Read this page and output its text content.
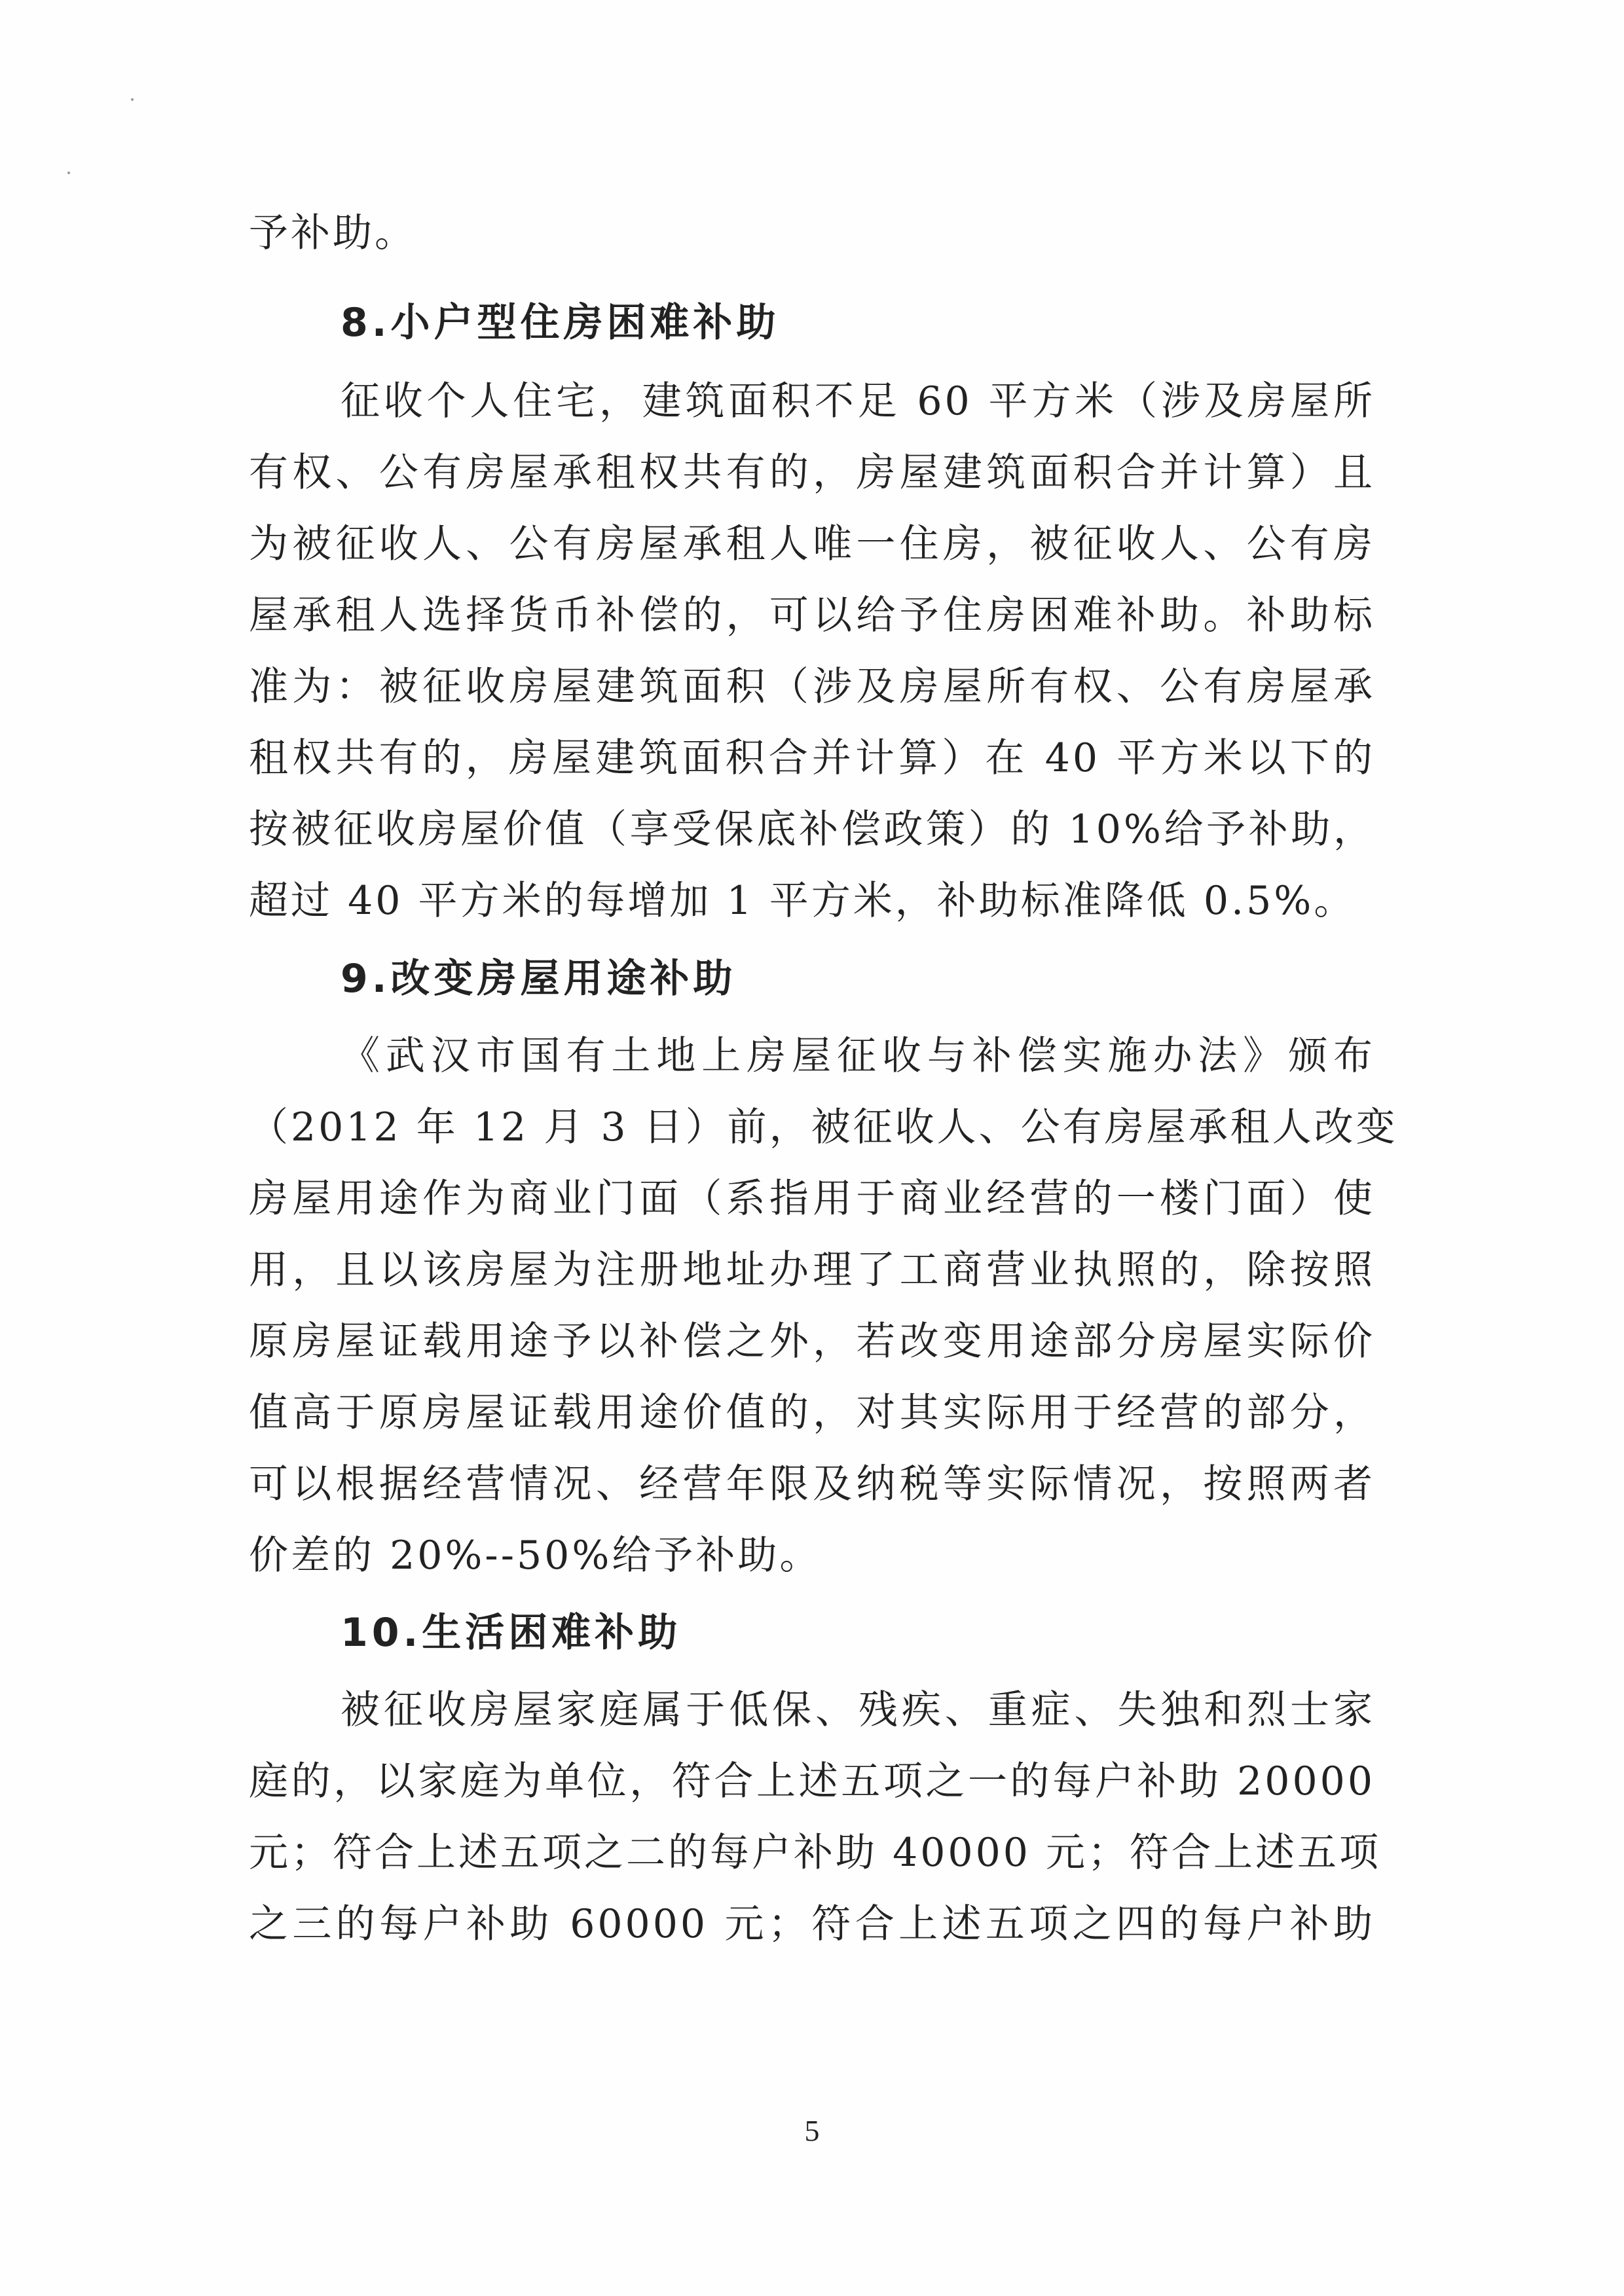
予补助。
8.小户型住房困难补助
征收个人住宅，建筑面积不足 60 平方米（涉及房屋所
有权、公有房屋承租权共有的，房屋建筑面积合并计算）且
为被征收人、公有房屋承租人唯一住房，被征收人、公有房
屋承租人选择货币补偿的，可以给予住房困难补助。补助标
准为：被征收房屋建筑面积（涉及房屋所有权、公有房屋承
租权共有的，房屋建筑面积合并计算）在 40 平方米以下的
按被征收房屋价值（享受保底补偿政策）的 10%给予补助，
超过 40 平方米的每增加 1 平方米，补助标准降低 0.5%。
9.改变房屋用途补助
《武汉市国有土地上房屋征收与补偿实施办法》颁布
（2012 年 12 月 3 日）前，被征收人、公有房屋承租人改变
房屋用途作为商业门面（系指用于商业经营的一楼门面）使
用，且以该房屋为注册地址办理了工商营业执照的，除按照
原房屋证载用途予以补偿之外，若改变用途部分房屋实际价
值高于原房屋证载用途价值的，对其实际用于经营的部分，
可以根据经营情况、经营年限及纳税等实际情况，按照两者
价差的 20%--50%给予补助。
10.生活困难补助
被征收房屋家庭属于低保、残疾、重症、失独和烈士家
庭的，以家庭为单位，符合上述五项之一的每户补助 20000
元；符合上述五项之二的每户补助 40000 元；符合上述五项
之三的每户补助 60000 元；符合上述五项之四的每户补助
5
